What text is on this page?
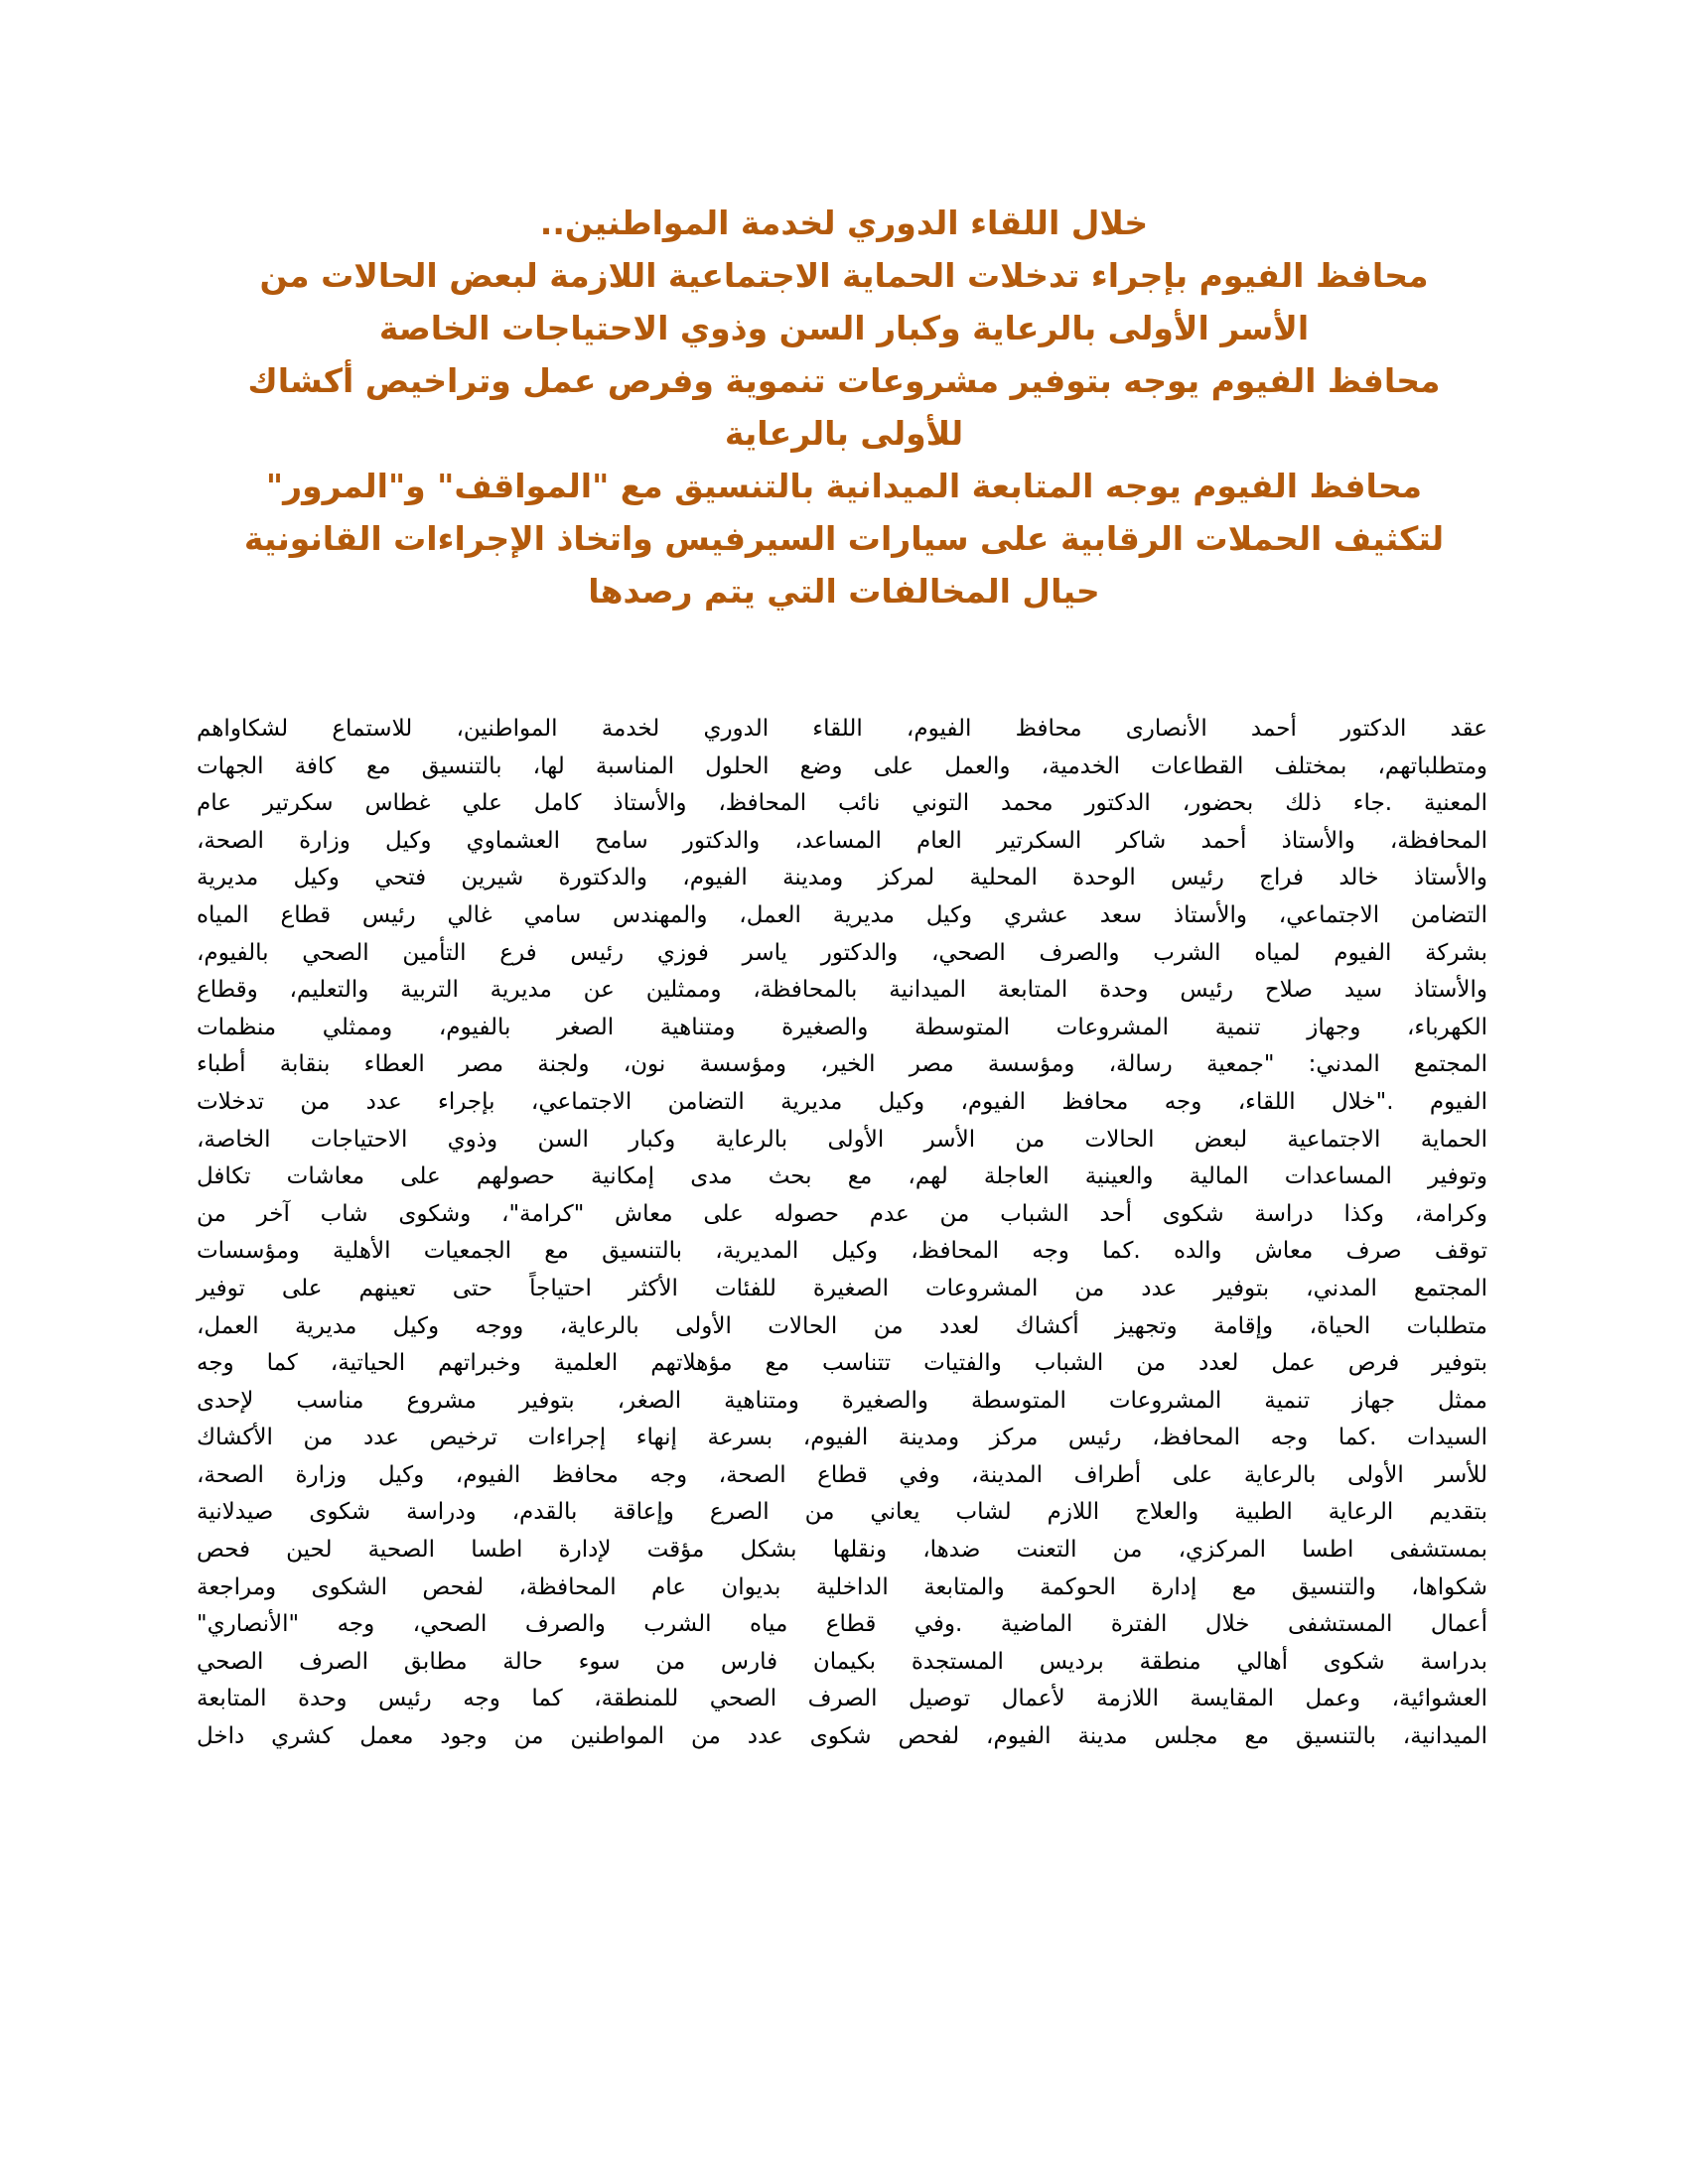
خلال اللقاء الدوري لخدمة المواطنين..
محافظ الفيوم بإجراء تدخلات الحماية الاجتماعية اللازمة لبعض الحالات من
الأسر الأولى بالرعاية وكبار السن وذوي الاحتياجات الخاصة
محافظ الفيوم يوجه بتوفير مشروعات تنموية وفرص عمل وتراخيص أكشاك
للأولى بالرعاية
محافظ الفيوم يوجه المتابعة الميدانية بالتنسيق مع "المواقف" و"المرور"
لتكثيف الحملات الرقابية على سيارات السيرفيس واتخاذ الإجراءات القانونية
حيال المخالفات التي يتم رصدها
عقد الدكتور أحمد الأنصارى محافظ الفيوم، اللقاء الدوري لخدمة المواطنين، للاستماع لشكاواهم
ومتطلباتهم، بمختلف القطاعات الخدمية، والعمل على وضع الحلول المناسبة لها، بالتنسيق مع كافة الجهات
المعنية .جاء ذلك بحضور، الدكتور محمد التوني نائب المحافظ، والأستاذ كامل علي غطاس سكرتير عام
المحافظة، والأستاذ أحمد شاكر السكرتير العام المساعد، والدكتور سامح العشماوي وكيل وزارة الصحة،
والأستاذ خالد فراج رئيس الوحدة المحلية لمركز ومدينة الفيوم، والدكتورة شيرين فتحي وكيل مديرية
التضامن الاجتماعي، والأستاذ سعد عشري وكيل مديرية العمل، والمهندس سامي غالي رئيس قطاع المياه
بشركة الفيوم لمياه الشرب والصرف الصحي، والدكتور ياسر فوزي رئيس فرع التأمين الصحي بالفيوم،
والأستاذ سيد صلاح رئيس وحدة المتابعة الميدانية بالمحافظة، وممثلين عن مديرية التربية والتعليم، وقطاع
الكهرباء، وجهاز تنمية المشروعات المتوسطة والصغيرة ومتناهية الصغر بالفيوم، وممثلي منظمات
المجتمع المدني: "جمعية رسالة، ومؤسسة مصر الخير، ومؤسسة نون، ولجنة مصر العطاء بنقابة أطباء
الفيوم ."خلال اللقاء، وجه محافظ الفيوم، وكيل مديرية التضامن الاجتماعي، بإجراء عدد من تدخلات
الحماية الاجتماعية لبعض الحالات من الأسر الأولى بالرعاية وكبار السن وذوي الاحتياجات الخاصة،
وتوفير المساعدات المالية والعينية العاجلة لهم، مع بحث مدى إمكانية حصولهم على معاشات تكافل
وكرامة، وكذا دراسة شكوى أحد الشباب من عدم حصوله على معاش "كرامة"، وشكوى شاب آخر من
توقف صرف معاش والده .كما وجه المحافظ، وكيل المديرية، بالتنسيق مع الجمعيات الأهلية ومؤسسات
المجتمع المدني، بتوفير عدد من المشروعات الصغيرة للفئات الأكثر احتياجاً حتى تعينهم على توفير
متطلبات الحياة، وإقامة وتجهيز أكشاك لعدد من الحالات الأولى بالرعاية، ووجه وكيل مديرية العمل،
بتوفير فرص عمل لعدد من الشباب والفتيات تتناسب مع مؤهلاتهم العلمية وخبراتهم الحياتية، كما وجه
ممثل جهاز تنمية المشروعات المتوسطة والصغيرة ومتناهية الصغر، بتوفير مشروع مناسب لإحدى
السيدات .كما وجه المحافظ، رئيس مركز ومدينة الفيوم، بسرعة إنهاء إجراءات ترخيص عدد من الأكشاك
للأسر الأولى بالرعاية على أطراف المدينة، وفي قطاع الصحة، وجه محافظ الفيوم، وكيل وزارة الصحة،
بتقديم الرعاية الطبية والعلاج اللازم لشاب يعاني من الصرع وإعاقة بالقدم، ودراسة شكوى صيدلانية
بمستشفى اطسا المركزي، من التعنت ضدها، ونقلها بشكل مؤقت لإدارة اطسا الصحية لحين فحص
شكواها، والتنسيق مع إدارة الحوكمة والمتابعة الداخلية بديوان عام المحافظة، لفحص الشكوى ومراجعة
أعمال المستشفى خلال الفترة الماضية .وفي قطاع مياه الشرب والصرف الصحي، وجه "الأنصاري"
بدراسة شكوى أهالي منطقة برديس المستجدة بكيمان فارس من سوء حالة مطابق الصرف الصحي
العشوائية، وعمل المقايسة اللازمة لأعمال توصيل الصرف الصحي للمنطقة، كما وجه رئيس وحدة المتابعة
الميدانية، بالتنسيق مع مجلس مدينة الفيوم، لفحص شكوى عدد من المواطنين من وجود معمل كشري داخل
